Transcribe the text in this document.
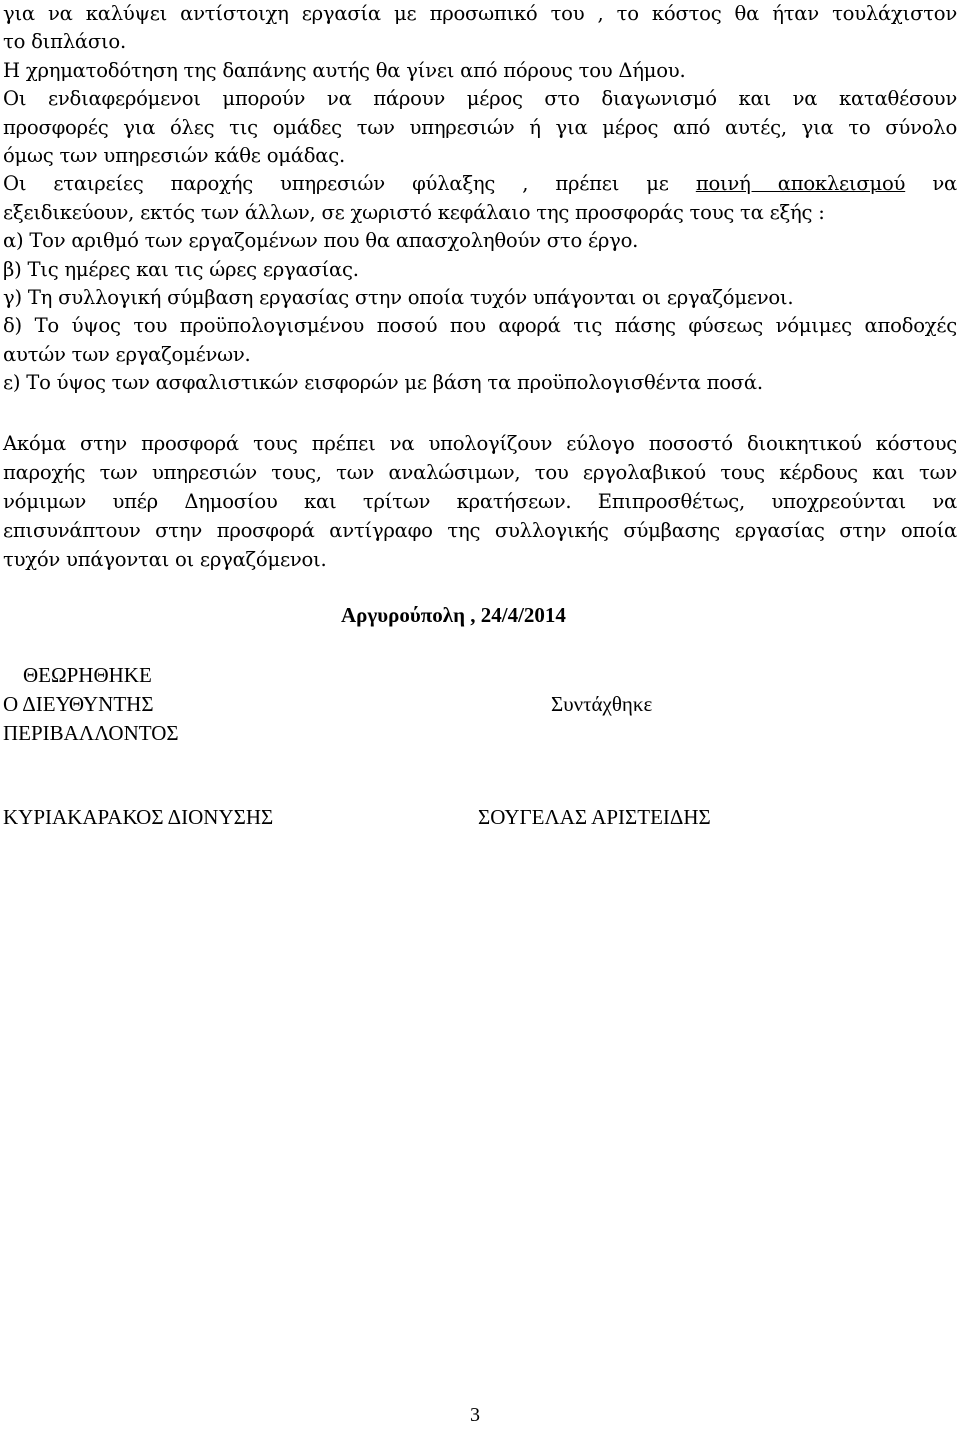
για να καλύψει αντίστοιχη εργασία με προσωπικό του , το κόστος θα ήταν τουλάχιστον
το διπλάσιο.
Η χρηματοδότηση της δαπάνης αυτής θα γίνει από πόρους του Δήμου.
Οι ενδιαφερόμενοι μπορούν να πάρουν μέρος στο διαγωνισμό και να καταθέσουν
προσφορές για όλες τις ομάδες των υπηρεσιών ή για μέρος από αυτές, για το σύνολο
όμως των υπηρεσιών κάθε ομάδας.
Οι εταιρείες παροχής υπηρεσιών φύλαξης , πρέπει με ποινή αποκλεισμού να
εξειδικεύουν, εκτός των άλλων, σε χωριστό κεφάλαιο της προσφοράς τους τα εξής :
α) Τον αριθμό των εργαζομένων που θα απασχοληθούν στο έργο.
β) Τις ημέρες και τις ώρες εργασίας.
γ) Τη συλλογική σύμβαση εργασίας στην οποία τυχόν υπάγονται οι εργαζόμενοι.
δ) Το ύψος του προϋπολογισμένου ποσού που αφορά τις πάσης φύσεως νόμιμες αποδοχές
αυτών των εργαζομένων.
ε) Το ύψος των ασφαλιστικών εισφορών με βάση τα προϋπολογισθέντα ποσά.
Ακόμα στην προσφορά τους πρέπει να υπολογίζουν εύλογο ποσοστό διοικητικού κόστους
παροχής των υπηρεσιών τους, των αναλώσιμων, του εργολαβικού τους κέρδους και των
νόμιμων υπέρ Δημοσίου και τρίτων κρατήσεων. Επιπροσθέτως, υποχρεούνται να
επισυνάπτουν στην προσφορά αντίγραφο της συλλογικής σύμβασης εργασίας στην οποία
τυχόν υπάγονται οι εργαζόμενοι.
Αργυρούπολη , 24/4/2014
ΘΕΩΡΗΘΗΚΕ
Ο ΔΙΕΥΘΥΝΤΗΣ
ΠΕΡΙΒΑΛΛΟΝΤΟΣ
Συντάχθηκε
ΚΥΡΙΑΚΑΡΑΚΟΣ ΔΙΟΝΥΣΗΣ	ΣΟΥΓΕΛΑΣ ΑΡΙΣΤΕΙΔΗΣ
3
